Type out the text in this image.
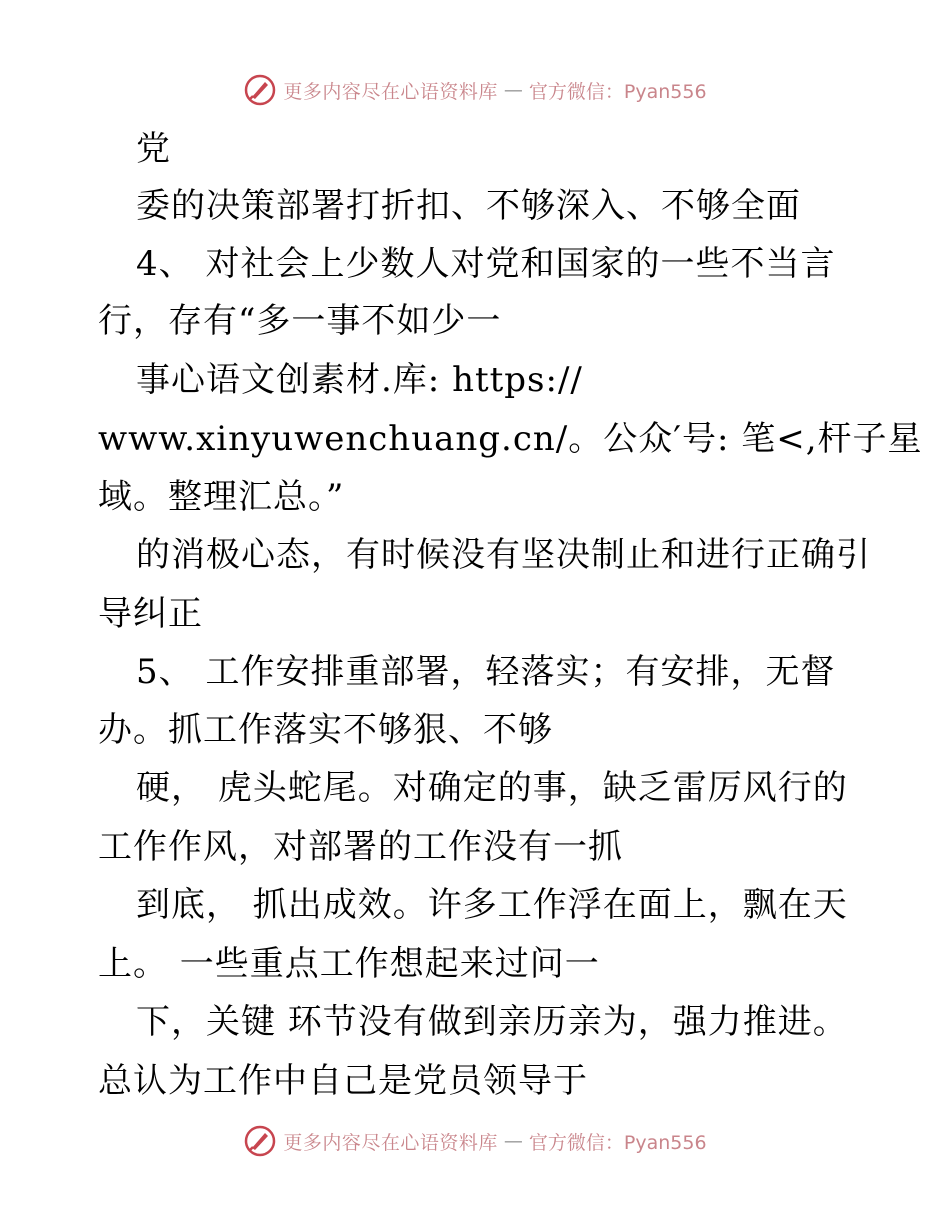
更多内容尽在心语资料库 — 官方微信：Pyan556
党
委的决策部署打折扣、不够深入、不够全面
4、 对社会上少数人对党和国家的一些不当言
行，存有“多一事不如少一
事心语文创素材.库: https://
www.xinyuwenchuang.cn/。公众′号: 笔<,杆子星
域。整理汇总。”
的消极心态，有时候没有坚决制止和进行正确引
导纠正
5、 工作安排重部署，轻落实；有安排，无督
办。抓工作落实不够狠、不够
硬， 虎头蛇尾。对确定的事，缺乏雷厉风行的
工作作风，对部署的工作没有一抓
到底， 抓出成效。许多工作浮在面上，飘在天
上。 一些重点工作想起来过问一
下，关键 环节没有做到亲历亲为，强力推进。
总认为工作中自己是党员领导于
更多内容尽在心语资料库 — 官方微信：Pyan556
